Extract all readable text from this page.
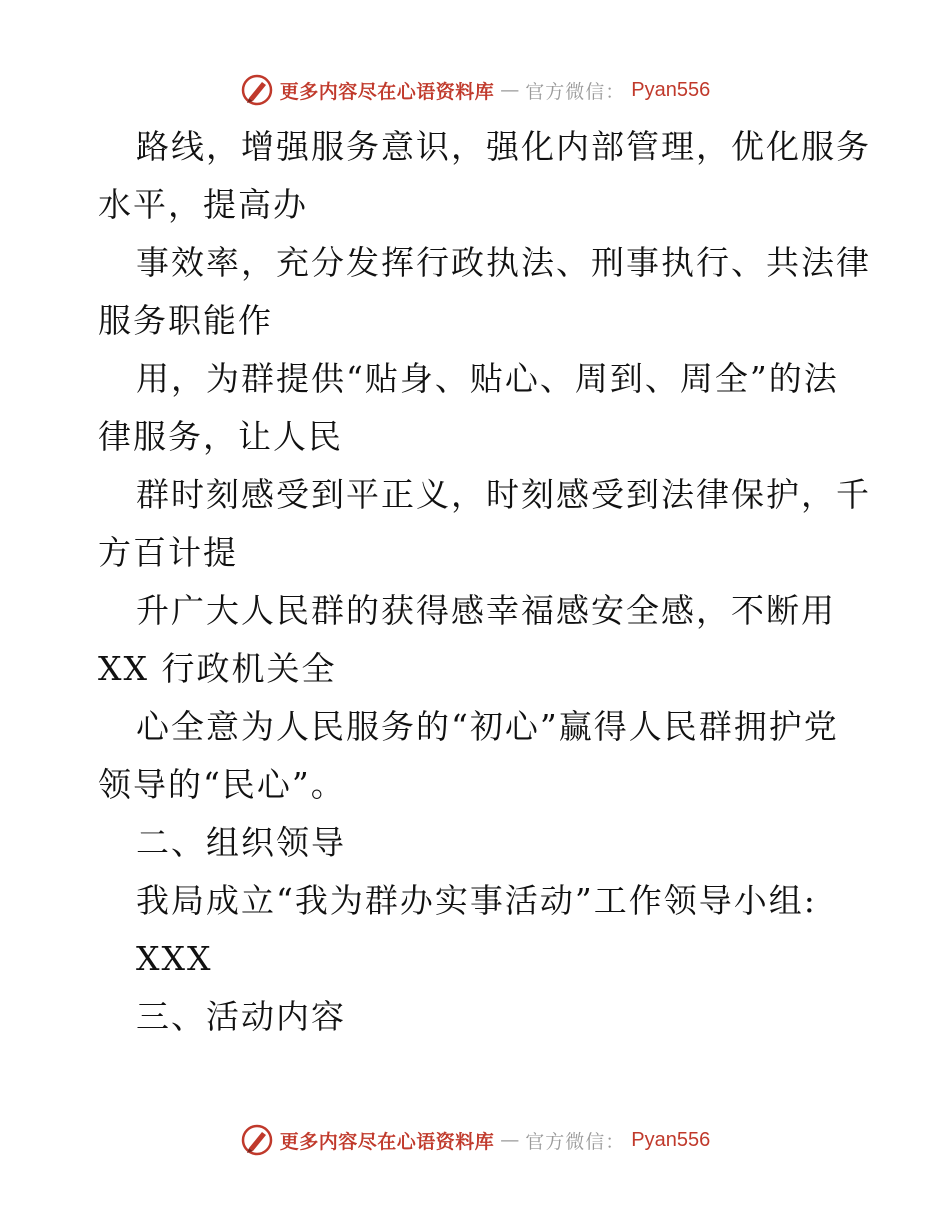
更多内容尽在心语资料库 — 官方微信： Pyan556
路线，增强服务意识，强化内部管理，优化服务
水平，提高办
事效率，充分发挥行政执法、刑事执行、共法律
服务职能作
用，为群提供“贴身、贴心、周到、周全”的法
律服务，让人民
群时刻感受到平正义，时刻感受到法律保护，千
方百计提
升广大人民群的获得感幸福感安全感，不断用
XX 行政机关全
心全意为人民服务的“初心”赢得人民群拥护党
领导的“民心”。
二、组织领导
我局成立“我为群办实事活动”工作领导小组:
XXX
三、活动内容
更多内容尽在心语资料库 — 官方微信： Pyan556
